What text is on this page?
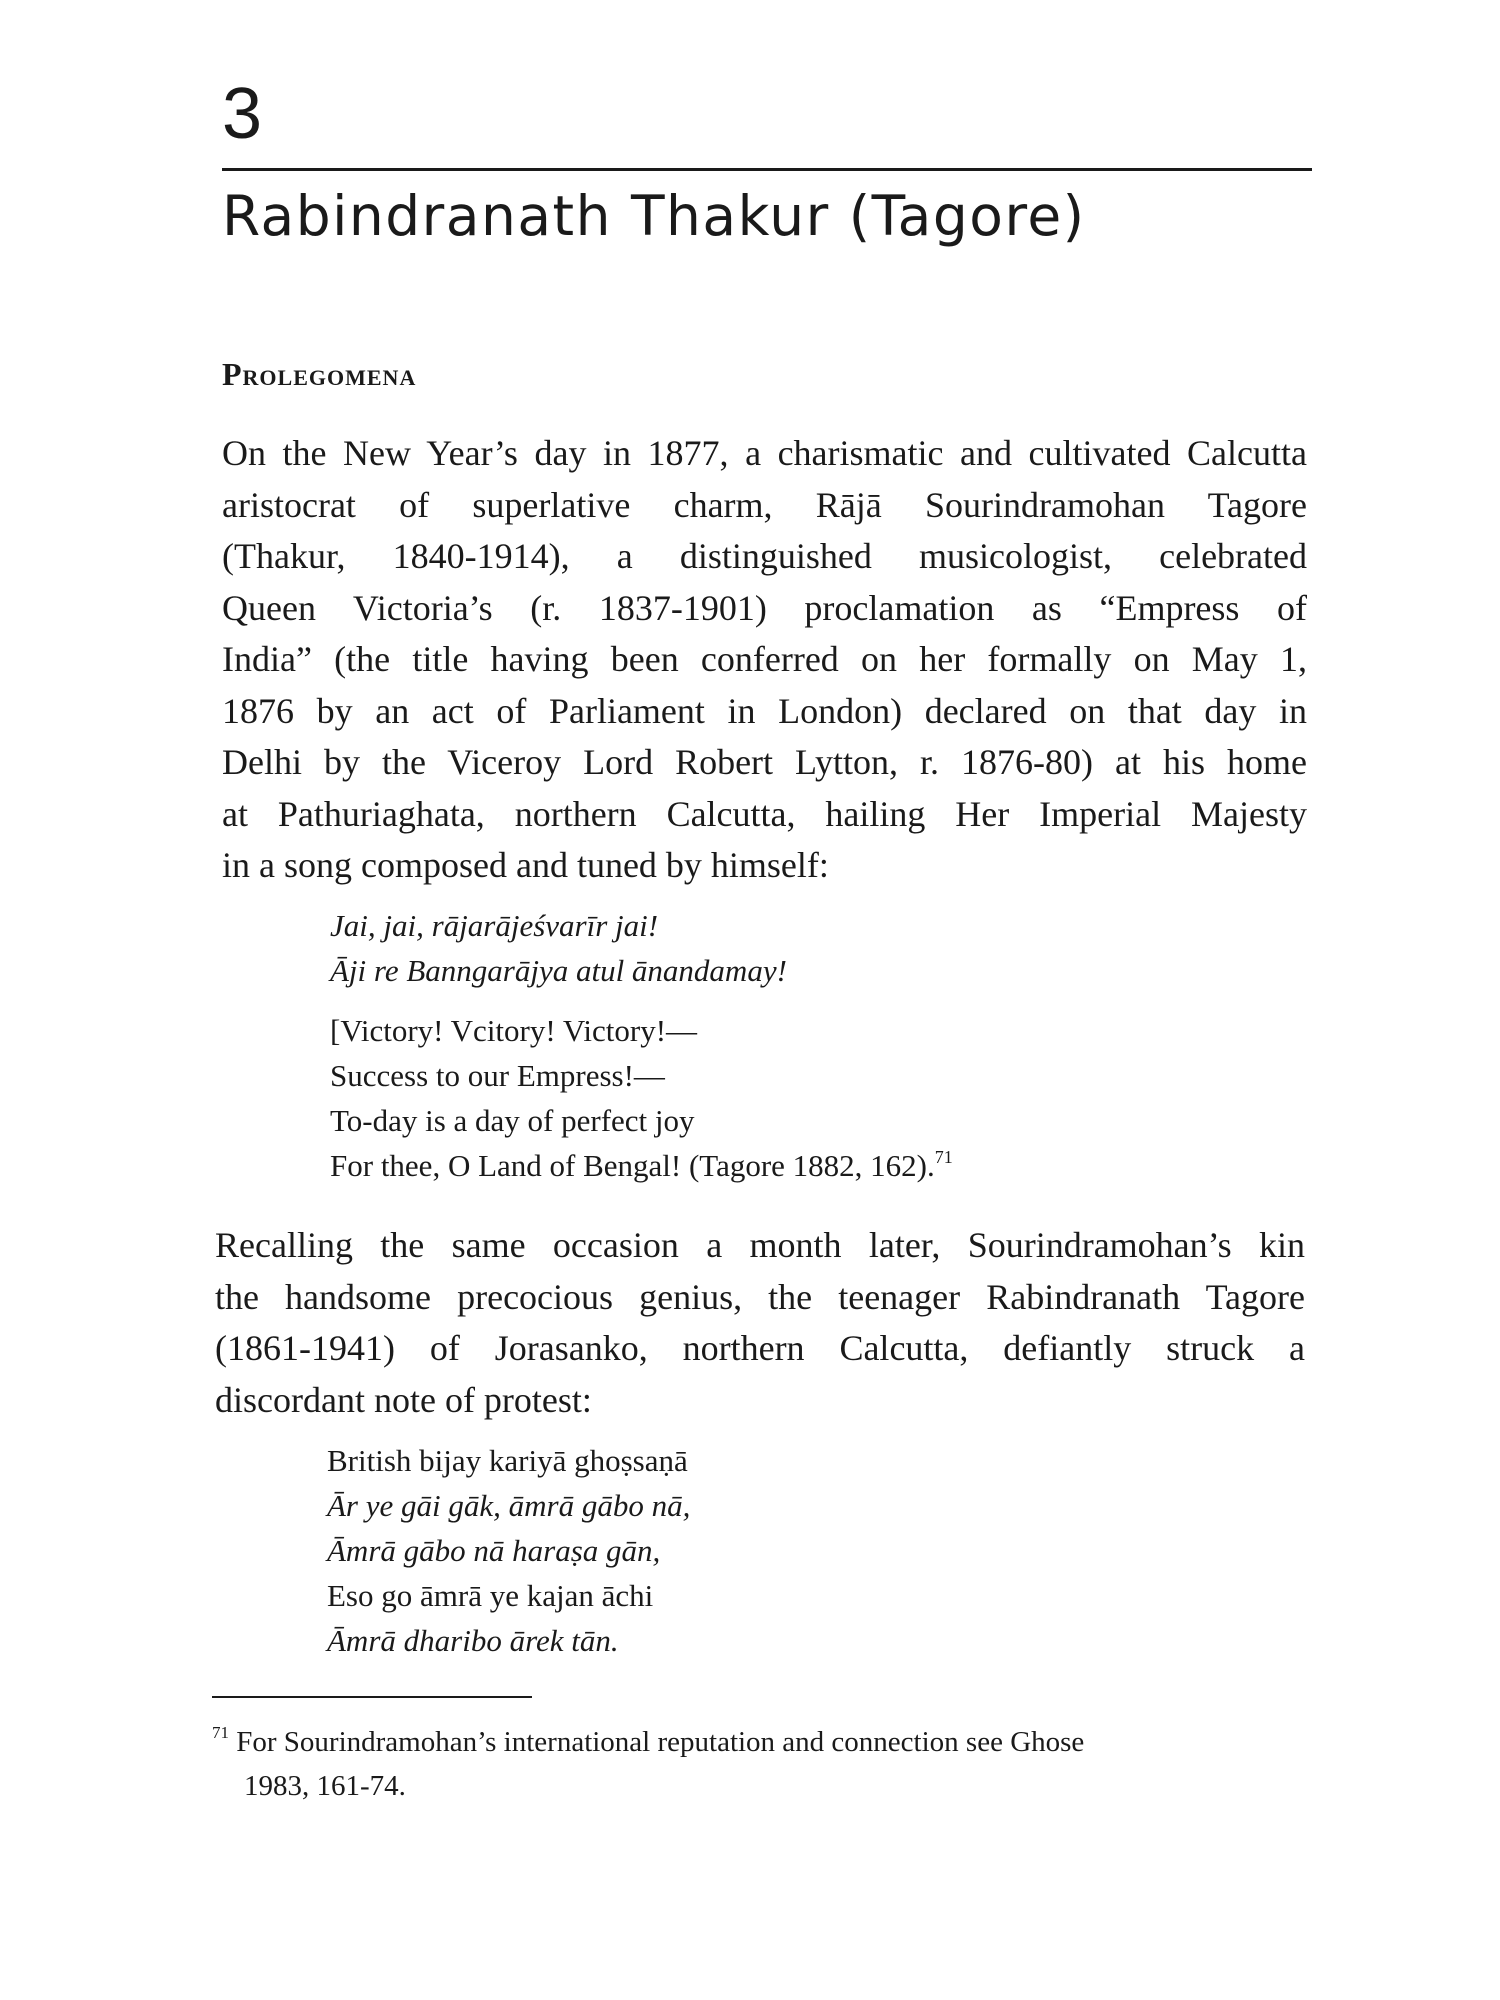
3
Rabindranath Thakur (Tagore)
Prolegomena

On the New Year’s day in 1877, a charismatic and cultivated Calcutta
aristocrat of superlative charm, Rājā Sourindramohan Tagore
(Thakur, 1840-1914), a distinguished musicologist, celebrated
Queen Victoria’s (r. 1837-1901) proclamation as “Empress of
India” (the title having been conferred on her formally on May 1,
1876 by an act of Parliament in London) declared on that day in
Delhi by the Viceroy Lord Robert Lytton, r. 1876-80) at his home
at Pathuriaghata, northern Calcutta, hailing Her Imperial Majesty
in a song composed and tuned by himself:

Jai, jai, rājarājeśvarīr jai!
Āji re Banngarājya atul ānandamay!
[Victory! Vcitory! Victory!—
Success to our Empress!—
To-day is a day of perfect joy
For thee, O Land of Bengal! (Tagore 1882, 162).$^{71}$

Recalling the same occasion a month later, Sourindramohan’s kin
the handsome precocious genius, the teenager Rabindranath Tagore
(1861-1941) of Jorasanko, northern Calcutta, defiantly struck a
discordant note of protest:

British bijay kariyā ghoṣsaṇā
Ār ye gāi gāk, āmrā gābo nā,
Āmrā gābo nā haraṣa gān,
Eso go āmrā ye kajan āchi
Āmrā dharibo ārek tān.
$^{71}$ For Sourindramohan’s international reputation and connection see Ghose
1983, 161-74.
